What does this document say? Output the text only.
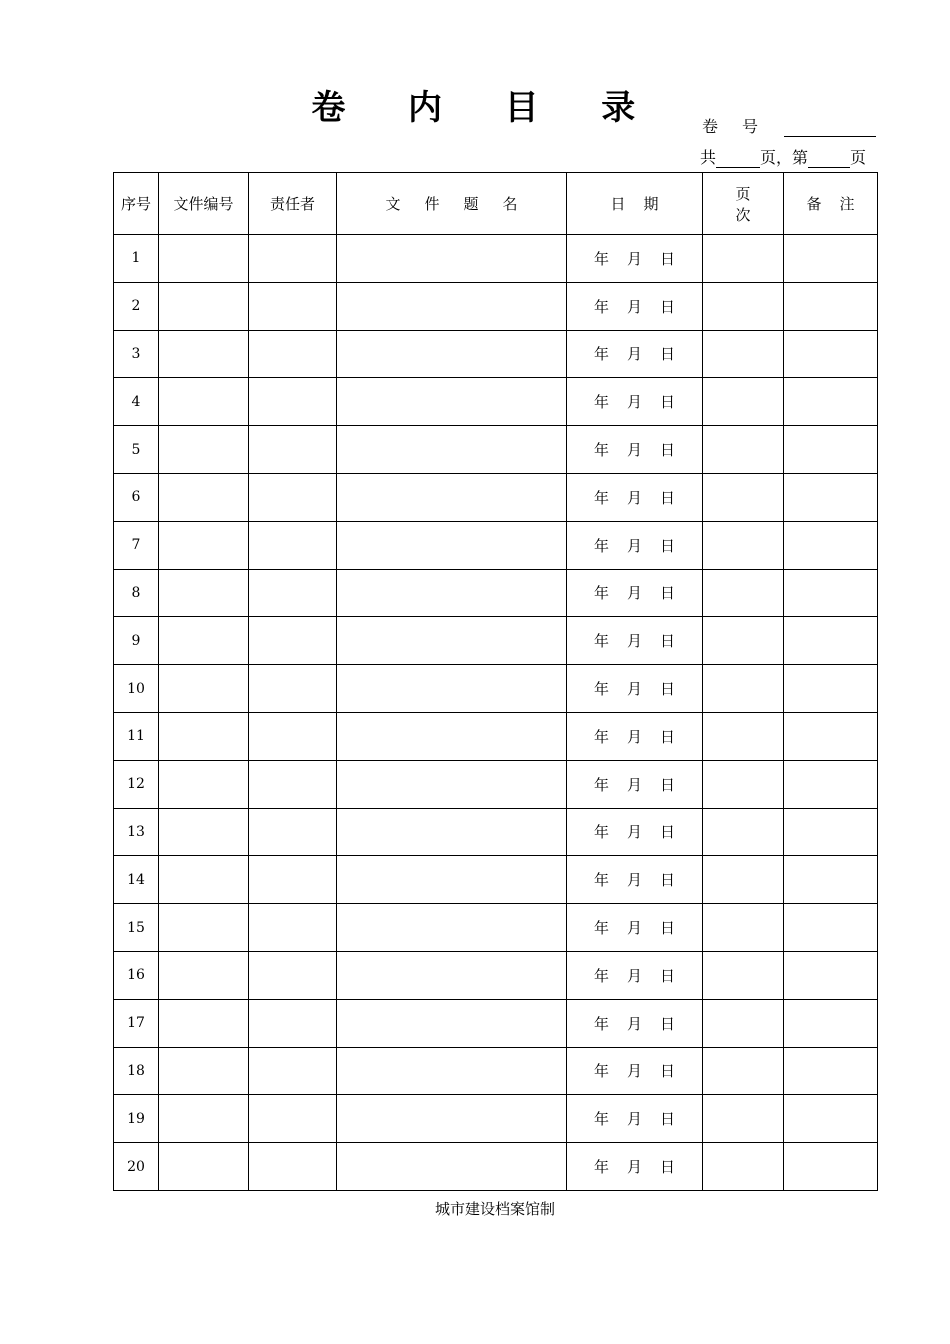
卷 内 目 录	卷号
共	页，第	页
序号	文件编号	责任者	文件题名	日期	页次	备注
1				年月日		
2				年月日		
3				年月日		
4				年月日		
5				年月日		
6				年月日		
7				年月日		
8				年月日		
9				年月日		
10				年月日		
11				年月日		
12				年月日		
13				年月日		
14				年月日		
15				年月日		
16				年月日		
17				年月日		
18				年月日		
19				年月日		
20				年月日		
城市建设档案馆制
